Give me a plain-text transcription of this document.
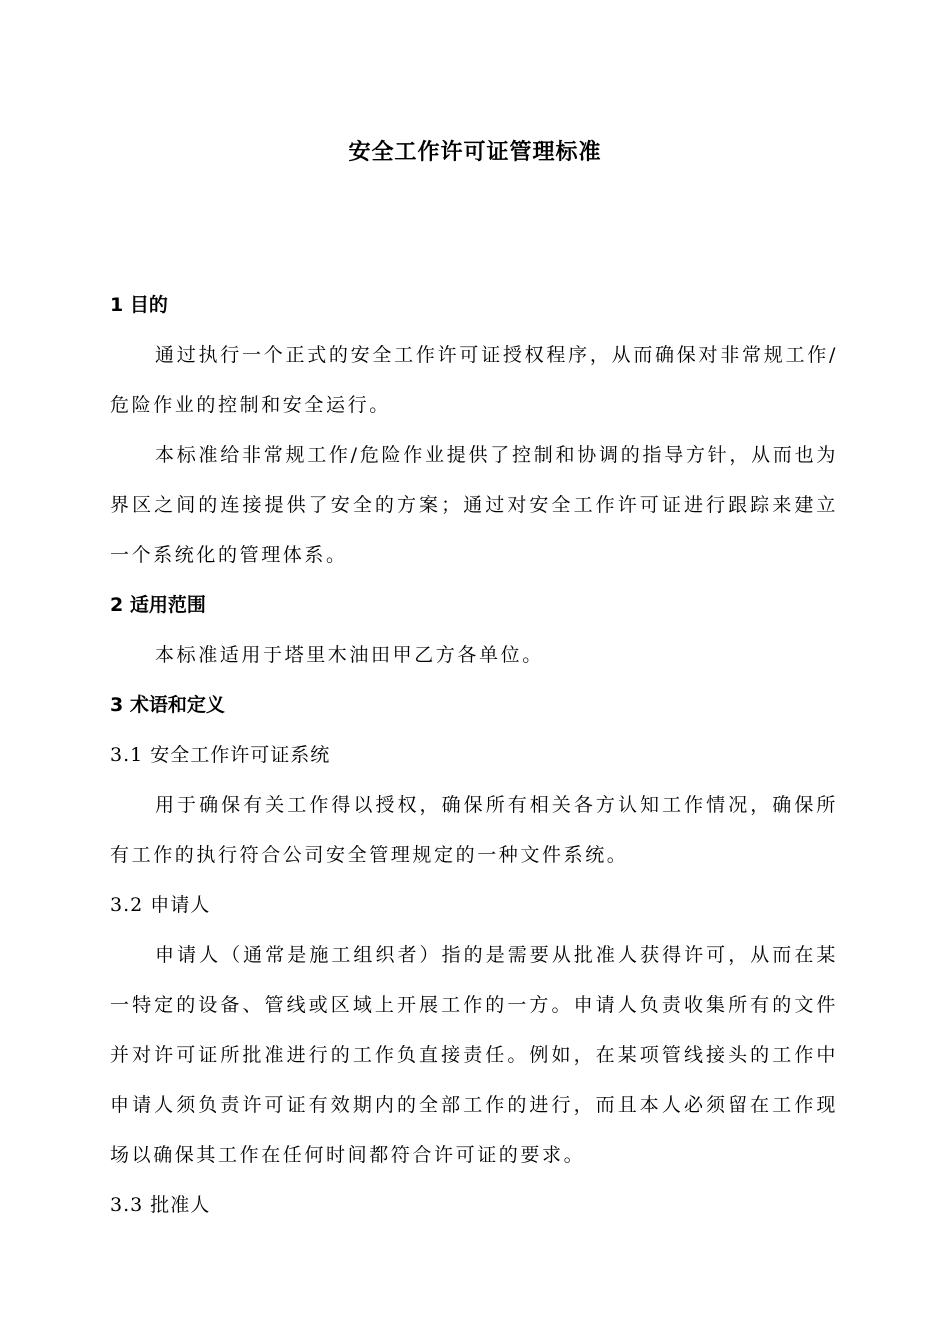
安全工作许可证管理标准
1 目的
通过执行一个正式的安全工作许可证授权程序，从而确保对非常规工作/危险作业的控制和安全运行。
本标准给非常规工作/危险作业提供了控制和协调的指导方针，从而也为界区之间的连接提供了安全的方案；通过对安全工作许可证进行跟踪来建立一个系统化的管理体系。
2 适用范围
本标准适用于塔里木油田甲乙方各单位。
3 术语和定义
3.1 安全工作许可证系统
用于确保有关工作得以授权，确保所有相关各方认知工作情况，确保所有工作的执行符合公司安全管理规定的一种文件系统。
3.2 申请人
申请人（通常是施工组织者）指的是需要从批准人获得许可，从而在某一特定的设备、管线或区域上开展工作的一方。申请人负责收集所有的文件并对许可证所批准进行的工作负直接责任。例如，在某项管线接头的工作中申请人须负责许可证有效期内的全部工作的进行，而且本人必须留在工作现场以确保其工作在任何时间都符合许可证的要求。
3.3 批准人
